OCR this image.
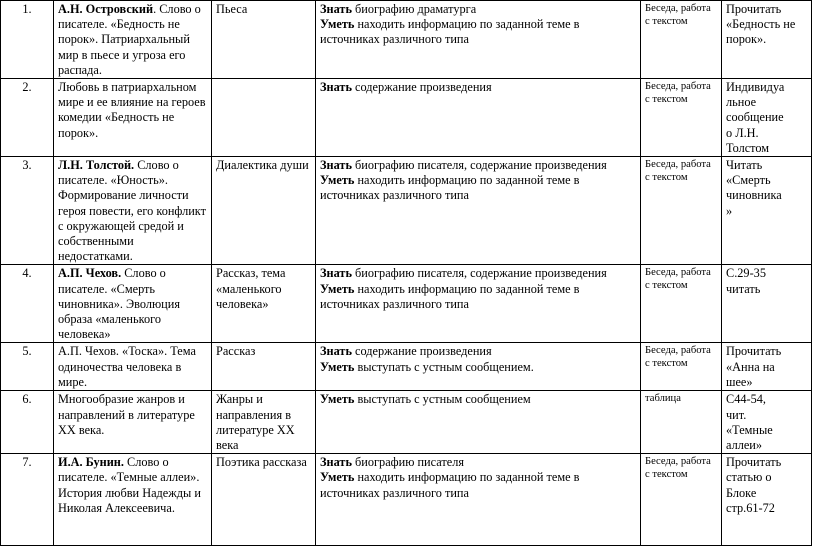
1.	А.Н. Островский. Слово о писателе. «Бедность не порок». Патриархальный мир в пьесе и угроза его распада.	Пьеса	Знать биографию драматурга
Уметь находить информацию по заданной теме в источниках различного типа	Беседа, работа с текстом	Прочитать «Бедность не порок».
2.	Любовь в патриархальном мире и ее влияние на героев комедии «Бедность не порок».		Знать содержание произведения	Беседа, работа с текстом	Индивидуа
льное
сообщение
о Л.Н.
Толстом
3.	Л.Н. Толстой. Слово о писателе. «Юность». Формирование личности героя повести, его конфликт с окружающей средой и собственными недостатками.	Диалектика души	Знать биографию писателя, содержание произведения
Уметь находить информацию по заданной теме в источниках различного типа	Беседа, работа с текстом	Читать
«Смерть
чиновника
»
4.	А.П. Чехов. Слово о писателе. «Смерть чиновника». Эволюция образа «маленького человека»	Рассказ, тема «маленького человека»	Знать биографию писателя, содержание произведения
Уметь находить информацию по заданной теме в источниках различного типа	Беседа, работа с текстом	С.29-35
читать
5.	А.П. Чехов. «Тоска». Тема одиночества человека в мире.	Рассказ	Знать содержание произведения
Уметь выступать с устным сообщением.	Беседа, работа с текстом	Прочитать
«Анна на
шее»
6.	Многообразие жанров и направлений в литературе XX века.	Жанры и направления в литературе XX века	Уметь выступать с устным сообщением	таблица	С44-54,
чит.
«Темные
аллеи»
7.	И.А. Бунин. Слово о писателе. «Темные аллеи». История любви Надежды и Николая Алексеевича.	Поэтика рассказа	Знать биографию писателя
Уметь находить информацию по заданной теме в источниках различного типа	Беседа, работа с текстом	Прочитать
статью о
Блоке
стр.61-72
